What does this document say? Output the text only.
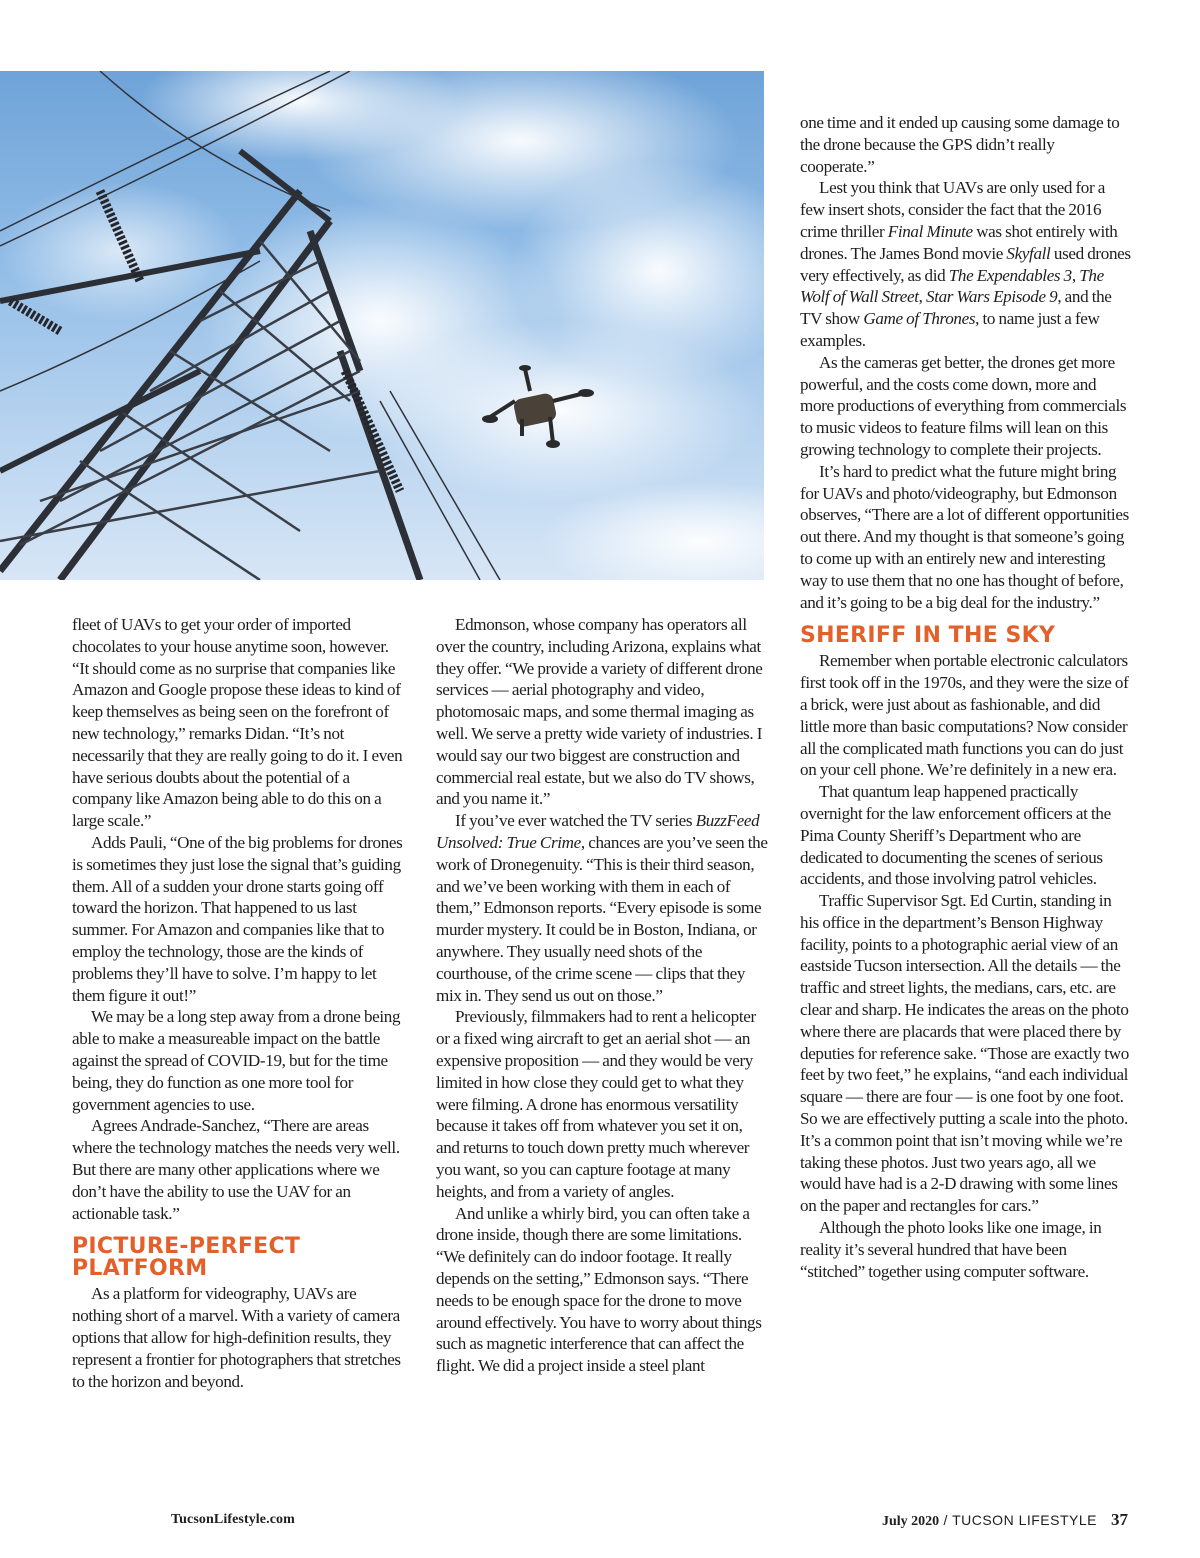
fleet of UAVs to get your order of imported chocolates to your house anytime soon, however. “It should come as no surprise that companies like Amazon and Google propose these ideas to kind of keep themselves as being seen on the forefront of new technology,” remarks Didan. “It’s not necessarily that they are really going to do it. I even have serious doubts about the potential of a company like Amazon being able to do this on a large scale.”

Adds Pauli, “One of the big problems for drones is sometimes they just lose the signal that’s guiding them. All of a sudden your drone starts going off toward the horizon. That happened to us last summer. For Amazon and companies like that to employ the technology, those are the kinds of problems they’ll have to solve. I’m happy to let them figure it out!”

We may be a long step away from a drone being able to make a measureable impact on the battle against the spread of COVID-19, but for the time being, they do function as one more tool for government agencies to use.

Agrees Andrade-Sanchez, “There are areas where the technology matches the needs very well. But there are many other applications where we don’t have the ability to use the UAV for an actionable task.”

PICTURE-PERFECT PLATFORM

As a platform for videography, UAVs are nothing short of a marvel. With a variety of camera options that allow for high-definition results, they represent a frontier for photographers that stretches to the horizon and beyond.

Edmonson, whose company has operators all over the country, including Arizona, explains what they offer. “We provide a variety of different drone services — aerial photography and video, photomosaic maps, and some thermal imaging as well. We serve a pretty wide variety of industries. I would say our two biggest are construction and commercial real estate, but we also do TV shows, and you name it.”

If you’ve ever watched the TV series BuzzFeed Unsolved: True Crime, chances are you’ve seen the work of Dronegenuity. “This is their third season, and we’ve been working with them in each of them,” Edmonson reports. “Every episode is some murder mystery. It could be in Boston, Indiana, or anywhere. They usually need shots of the courthouse, of the crime scene — clips that they mix in. They send us out on those.”

Previously, filmmakers had to rent a helicopter or a fixed wing aircraft to get an aerial shot — an expensive proposition — and they would be very limited in how close they could get to what they were filming. A drone has enormous versatility because it takes off from whatever you set it on, and returns to touch down pretty much wherever you want, so you can capture footage at many heights, and from a variety of angles.

And unlike a whirly bird, you can often take a drone inside, though there are some limitations. “We definitely can do indoor footage. It really depends on the setting,” Edmonson says. “There needs to be enough space for the drone to move around effectively. You have to worry about things such as magnetic interference that can affect the flight. We did a project inside a steel plant

one time and it ended up causing some damage to the drone because the GPS didn’t really cooperate.”

Lest you think that UAVs are only used for a few insert shots, consider the fact that the 2016 crime thriller Final Minute was shot entirely with drones. The James Bond movie Skyfall used drones very effectively, as did The Expendables 3, The Wolf of Wall Street, Star Wars Episode 9, and the TV show Game of Thrones, to name just a few examples.

As the cameras get better, the drones get more powerful, and the costs come down, more and more productions of everything from commercials to music videos to feature films will lean on this growing technology to complete their projects.

It’s hard to predict what the future might bring for UAVs and photo/videography, but Edmonson observes, “There are a lot of different opportunities out there. And my thought is that someone’s going to come up with an entirely new and interesting way to use them that no one has thought of before, and it’s going to be a big deal for the industry.”

SHERIFF IN THE SKY

Remember when portable electronic calculators first took off in the 1970s, and they were the size of a brick, were just about as fashionable, and did little more than basic computations? Now consider all the complicated math functions you can do just on your cell phone. We’re definitely in a new era.

That quantum leap happened practically overnight for the law enforcement officers at the Pima County Sheriff’s Department who are dedicated to documenting the scenes of serious accidents, and those involving patrol vehicles.

Traffic Supervisor Sgt. Ed Curtin, standing in his office in the department’s Benson Highway facility, points to a photographic aerial view of an eastside Tucson intersection. All the details — the traffic and street lights, the medians, cars, etc. are clear and sharp. He indicates the areas on the photo where there are placards that were placed there by deputies for reference sake. “Those are exactly two feet by two feet,” he explains, “and each individual square — there are four — is one foot by one foot. So we are effectively putting a scale into the photo. It’s a common point that isn’t moving while we’re taking these photos. Just two years ago, all we would have had is a 2-D drawing with some lines on the paper and rectangles for cars.”

Although the photo looks like one image, in reality it’s several hundred that have been “stitched” together using computer software.

TucsonLifestyle.com	July 2020 / TUCSON LIFESTYLE 37
